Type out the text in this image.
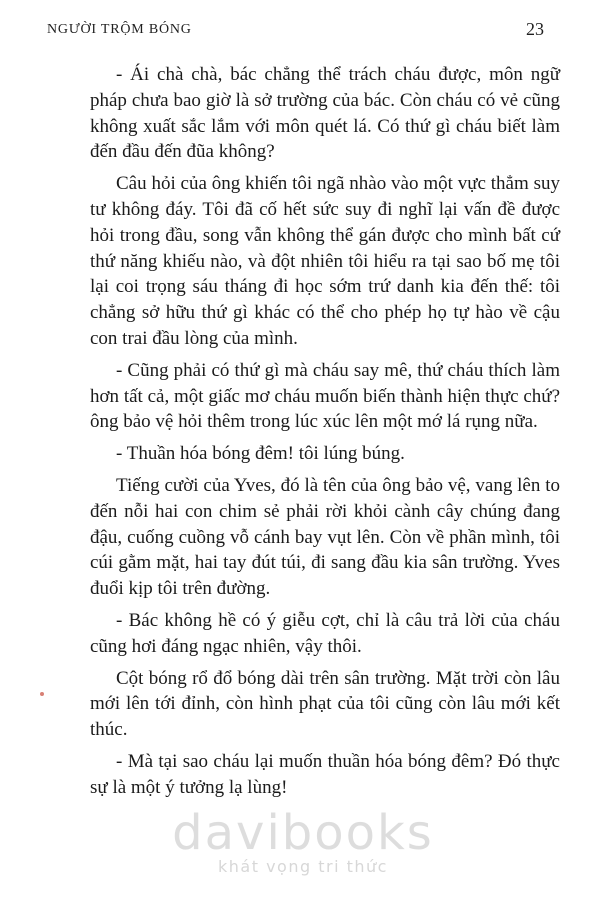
NGƯỜI TRỘM BÓNG	23

- Ái chà chà, bác chẳng thể trách cháu được, môn ngữ pháp chưa bao giờ là sở trường của bác. Còn cháu có vẻ cũng không xuất sắc lắm với môn quét lá. Có thứ gì cháu biết làm đến đầu đến đũa không?

Câu hỏi của ông khiến tôi ngã nhào vào một vực thẳm suy tư không đáy. Tôi đã cố hết sức suy đi nghĩ lại vấn đề được hỏi trong đầu, song vẫn không thể gán được cho mình bất cứ thứ năng khiếu nào, và đột nhiên tôi hiểu ra tại sao bố mẹ tôi lại coi trọng sáu tháng đi học sớm trứ danh kia đến thế: tôi chẳng sở hữu thứ gì khác có thể cho phép họ tự hào về cậu con trai đầu lòng của mình.

- Cũng phải có thứ gì mà cháu say mê, thứ cháu thích làm hơn tất cả, một giấc mơ cháu muốn biến thành hiện thực chứ? ông bảo vệ hỏi thêm trong lúc xúc lên một mớ lá rụng nữa.

- Thuần hóa bóng đêm! tôi lúng búng.

Tiếng cười của Yves, đó là tên của ông bảo vệ, vang lên to đến nỗi hai con chim sẻ phải rời khỏi cành cây chúng đang đậu, cuống cuồng vỗ cánh bay vụt lên. Còn về phần mình, tôi cúi gằm mặt, hai tay đút túi, đi sang đầu kia sân trường. Yves đuổi kịp tôi trên đường.

- Bác không hề có ý giễu cợt, chỉ là câu trả lời của cháu cũng hơi đáng ngạc nhiên, vậy thôi.

Cột bóng rổ đổ bóng dài trên sân trường. Mặt trời còn lâu mới lên tới đỉnh, còn hình phạt của tôi cũng còn lâu mới kết thúc.

- Mà tại sao cháu lại muốn thuần hóa bóng đêm? Đó thực sự là một ý tưởng lạ lùng!

davibooks
khát vọng tri thức
